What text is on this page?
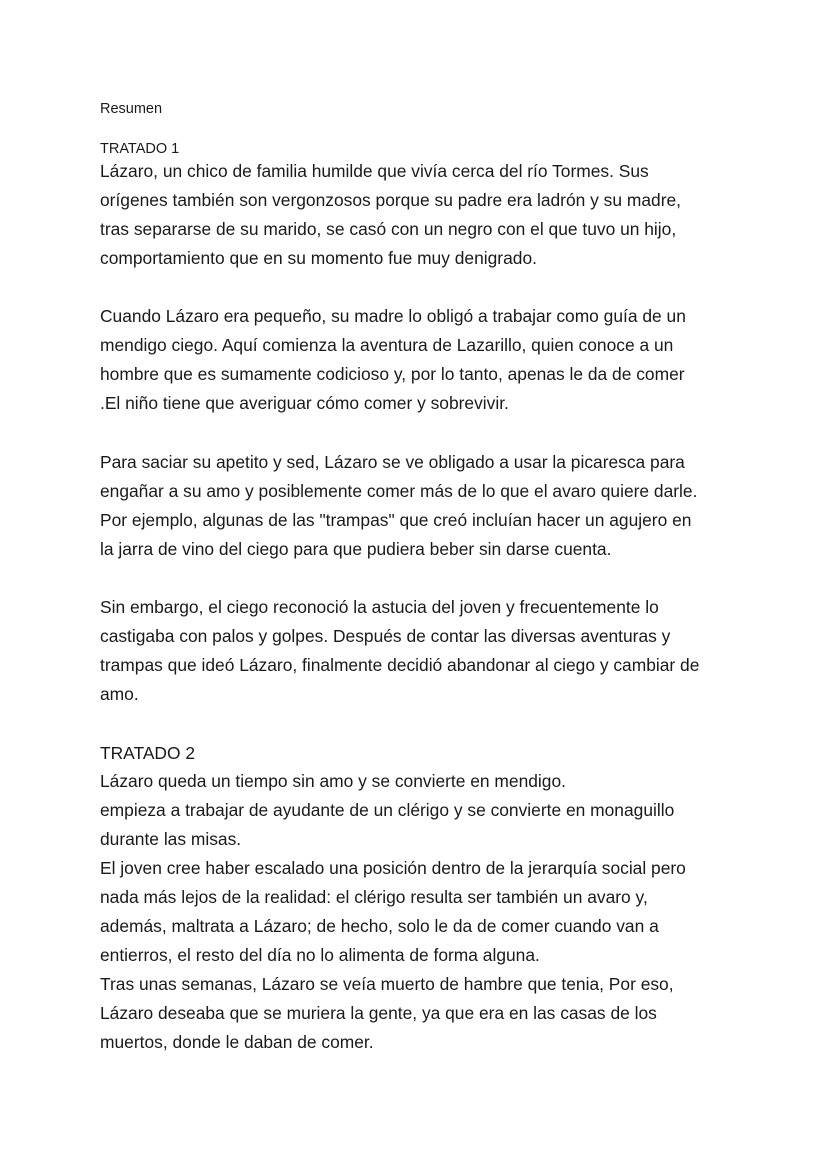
Resumen

TRATADO 1

Lázaro, un chico de familia humilde que vivía cerca del río Tormes. Sus
orígenes también son vergonzosos porque su padre era ladrón y su madre,
tras separarse de su marido, se casó con un negro con el que tuvo un hijo,
comportamiento que en su momento fue muy denigrado.

Cuando Lázaro era pequeño, su madre lo obligó a trabajar como guía de un
mendigo ciego. Aquí comienza la aventura de Lazarillo, quien conoce a un
hombre que es sumamente codicioso y, por lo tanto, apenas le da de comer
.El niño tiene que averiguar cómo comer y sobrevivir.

Para saciar su apetito y sed, Lázaro se ve obligado a usar la picaresca para
engañar a su amo y posiblemente comer más de lo que el avaro quiere darle.
Por ejemplo, algunas de las "trampas" que creó incluían hacer un agujero en
la jarra de vino del ciego para que pudiera beber sin darse cuenta.

Sin embargo, el ciego reconoció la astucia del joven y frecuentemente lo
castigaba con palos y golpes. Después de contar las diversas aventuras y
trampas que ideó Lázaro, finalmente decidió abandonar al ciego y cambiar de
amo.

TRATADO 2

Lázaro queda un tiempo sin amo y se convierte en mendigo.
empieza a trabajar de ayudante de un clérigo y se convierte en monaguillo
durante las misas.
El joven cree haber escalado una posición dentro de la jerarquía social pero
nada más lejos de la realidad: el clérigo resulta ser también un avaro y,
además, maltrata a Lázaro; de hecho, solo le da de comer cuando van a
entierros, el resto del día no lo alimenta de forma alguna.
Tras unas semanas, Lázaro se veía muerto de hambre que tenia, Por eso,
Lázaro deseaba que se muriera la gente, ya que era en las casas de los
muertos, donde le daban de comer.
